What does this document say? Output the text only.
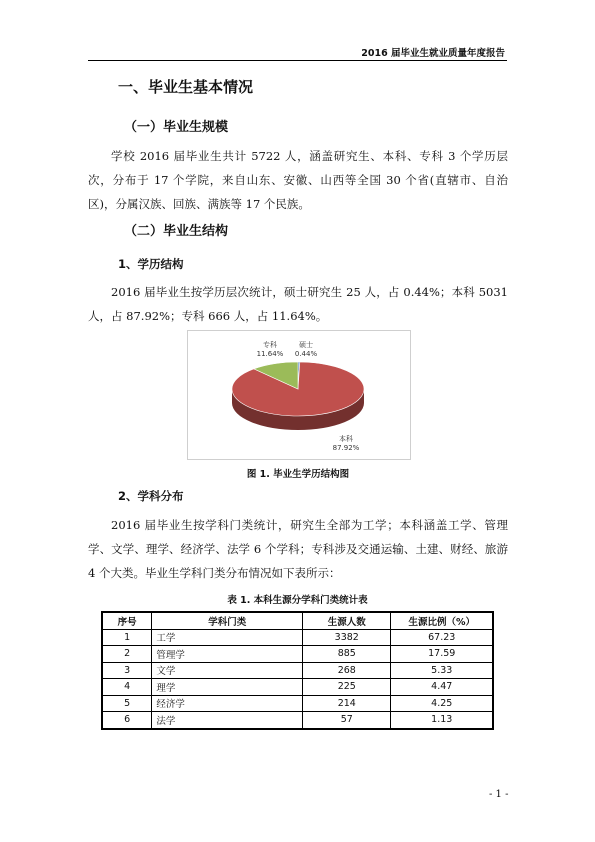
2016 届毕业生就业质量年度报告
一、毕业生基本情况
（一）毕业生规模

学校 2016 届毕业生共计 5722 人，涵盖研究生、本科、专科 3 个学历层次，分布于 17 个学院，来自山东、安徽、山西等全国 30 个省(直辖市、自治区)，分属汉族、回族、满族等 17 个民族。

（二）毕业生结构
1、学历结构

2016 届毕业生按学历层次统计，硕士研究生 25 人，占 0.44%；本科 5031 人，占 87.92%；专科 666 人，占 11.64%。

本科
87.92%
专科
11.64%
硕士
0.44%
图 1. 毕业生学历结构图
2、学科分布

2016 届毕业生按学科门类统计，研究生全部为工学；本科涵盖工学、管理学、文学、理学、经济学、法学 6 个学科；专科涉及交通运输、土建、财经、旅游 4 个大类。毕业生学科门类分布情况如下表所示：

表 1. 本科生源分学科门类统计表
序号	学科门类	生源人数	生源比例（%）
1	工学	3382	67.23
2	管理学	885	17.59
3	文学	268	5.33
4	理学	225	4.47
5	经济学	214	4.25
6	法学	57	1.13
- 1 -
